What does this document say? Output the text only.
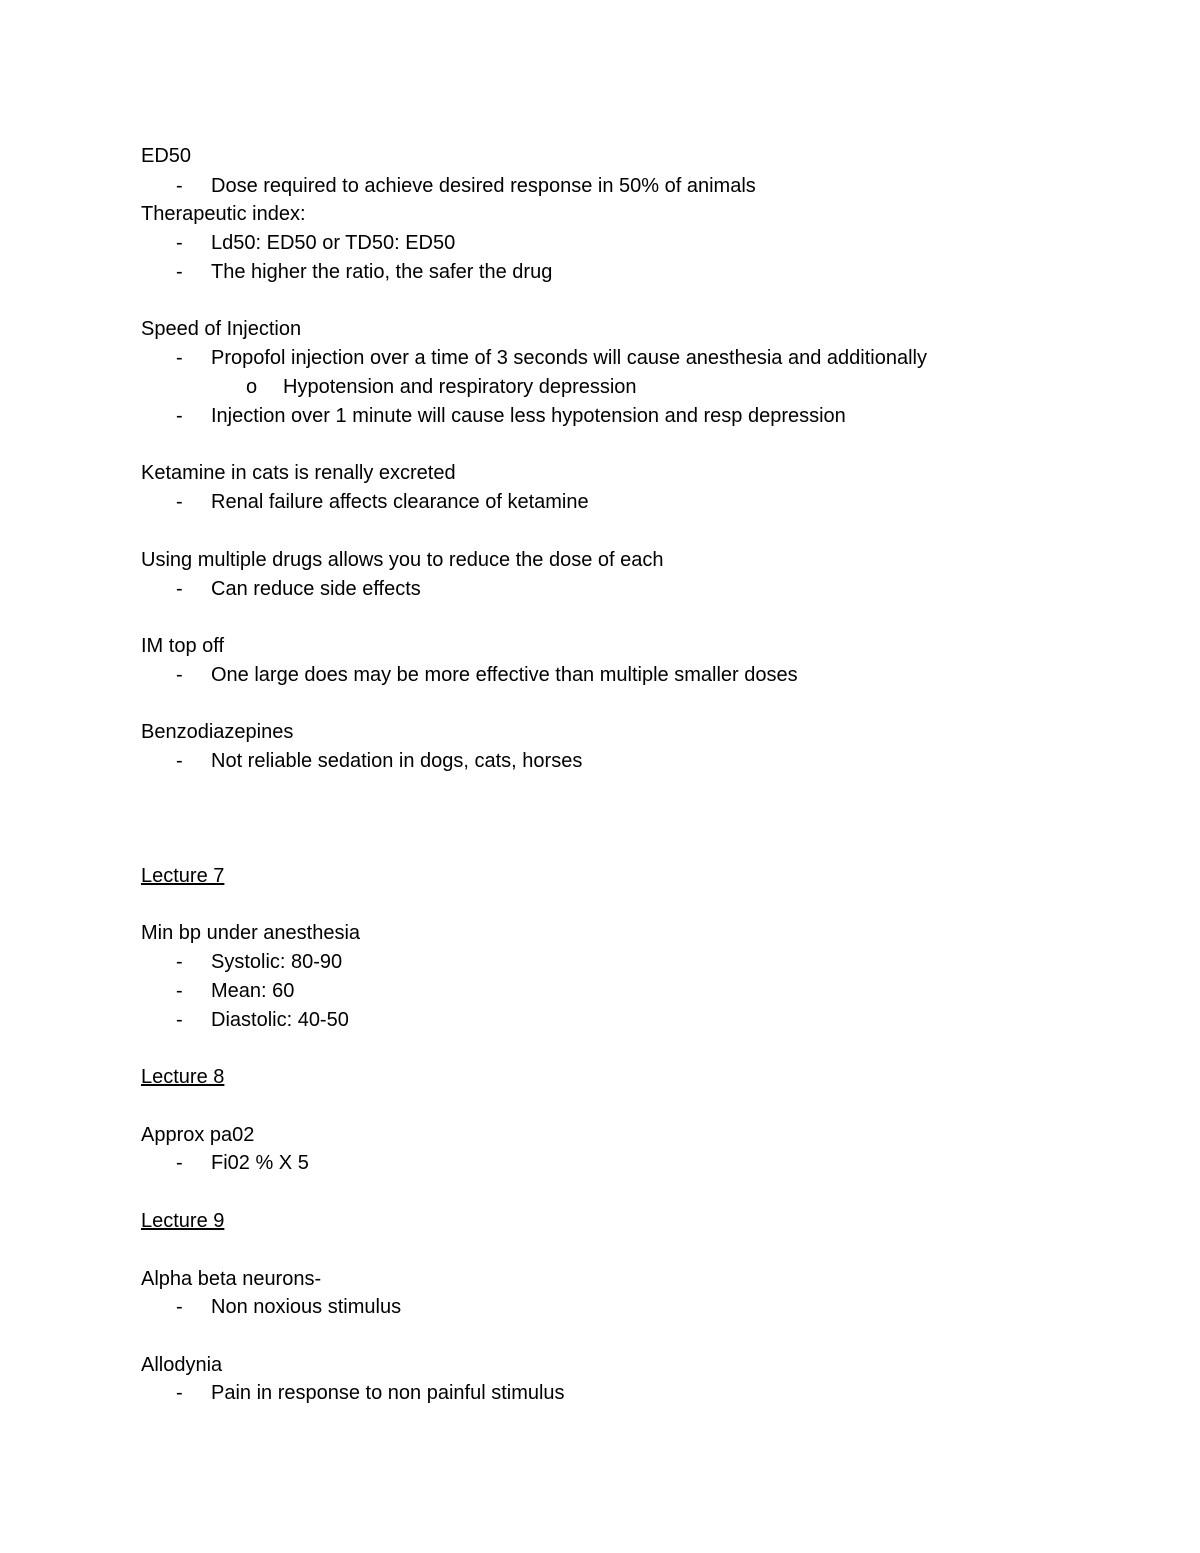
ED50
- Dose required to achieve desired response in 50% of animals
Therapeutic index:
- Ld50: ED50 or TD50: ED50
- The higher the ratio, the safer the drug
Speed of Injection
- Propofol injection over a time of 3 seconds will cause anesthesia and additionally
o Hypotension and respiratory depression
- Injection over 1 minute will cause less hypotension and resp depression
Ketamine in cats is renally excreted
- Renal failure affects clearance of ketamine
Using multiple drugs allows you to reduce the dose of each
- Can reduce side effects
IM top off
- One large does may be more effective than multiple smaller doses
Benzodiazepines
- Not reliable sedation in dogs, cats, horses
Lecture 7
Min bp under anesthesia
- Systolic: 80-90
- Mean: 60
- Diastolic: 40-50
Lecture 8
Approx pa02
- Fi02 % X 5
Lecture 9
Alpha beta neurons-
- Non noxious stimulus
Allodynia
- Pain in response to non painful stimulus
